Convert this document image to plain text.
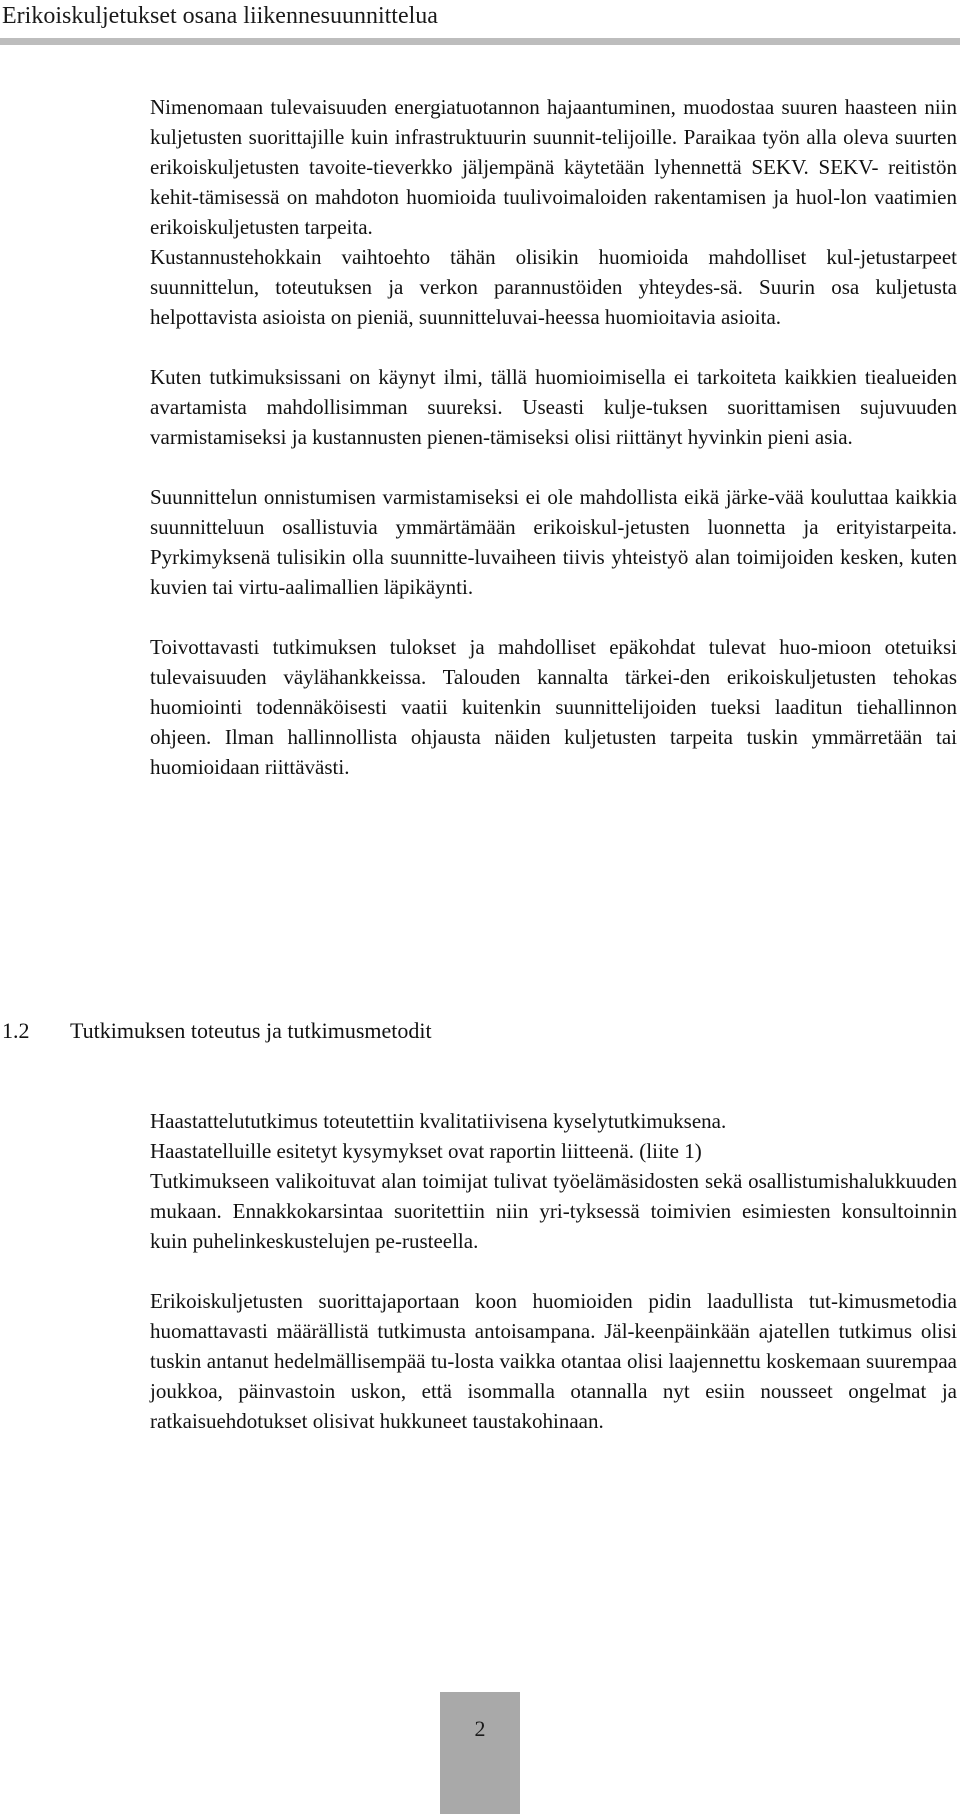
Erikoiskuljetukset osana liikennesuunnittelua

Nimenomaan tulevaisuuden energiatuotannon hajaantuminen, muodostaa suuren haasteen niin kuljetusten suorittajille kuin infrastruktuurin suunnit-telijoille. Paraikaa työn alla oleva suurten erikoiskuljetusten tavoite-tieverkko jäljempänä käytetään lyhennettä SEKV. SEKV- reitistön kehit-tämisessä on mahdoton huomioida tuulivoimaloiden rakentamisen ja huol-lon vaatimien erikoiskuljetusten tarpeita.

Kustannustehokkain vaihtoehto tähän olisikin huomioida mahdolliset kul-jetustarpeet suunnittelun, toteutuksen ja verkon parannustöiden yhteydes-sä. Suurin osa kuljetusta helpottavista asioista on pieniä, suunnitteluvai-heessa huomioitavia asioita.

Kuten tutkimuksissani on käynyt ilmi, tällä huomioimisella ei tarkoiteta kaikkien tiealueiden avartamista mahdollisimman suureksi. Useasti kulje-tuksen suorittamisen sujuvuuden varmistamiseksi ja kustannusten pienen-tämiseksi olisi riittänyt hyvinkin pieni asia.

Suunnittelun onnistumisen varmistamiseksi ei ole mahdollista eikä järke-vää kouluttaa kaikkia suunnitteluun osallistuvia ymmärtämään erikoiskul-jetusten luonnetta ja erityistarpeita. Pyrkimyksenä tulisikin olla suunnitte-luvaiheen tiivis yhteistyö alan toimijoiden kesken, kuten kuvien tai virtu-aalimallien läpikäynti.

Toivottavasti tutkimuksen tulokset ja mahdolliset epäkohdat tulevat huo-mioon otetuiksi tulevaisuuden väylähankkeissa. Talouden kannalta tärkei-den erikoiskuljetusten tehokas huomiointi todennäköisesti vaatii kuitenkin suunnittelijoiden tueksi laaditun tiehallinnon ohjeen. Ilman hallinnollista ohjausta näiden kuljetusten tarpeita tuskin ymmärretään tai huomioidaan riittävästi.

1.2 Tutkimuksen toteutus ja tutkimusmetodit

Haastattelututkimus toteutettiin kvalitatiivisena kyselytutkimuksena.

Haastatelluille esitetyt kysymykset ovat raportin liitteenä. (liite 1)

Tutkimukseen valikoituvat alan toimijat tulivat työelämäsidosten sekä osallistumishalukkuuden mukaan. Ennakkokarsintaa suoritettiin niin yri-tyksessä toimivien esimiesten konsultoinnin kuin puhelinkeskustelujen pe-rusteella.

Erikoiskuljetusten suorittajaportaan koon huomioiden pidin laadullista tut-kimusmetodia huomattavasti määrällistä tutkimusta antoisampana. Jäl-keenpäinkään ajatellen tutkimus olisi tuskin antanut hedelmällisempää tu-losta vaikka otantaa olisi laajennettu koskemaan suurempaa joukkoa, päinvastoin uskon, että isommalla otannalla nyt esiin nousseet ongelmat ja ratkaisuehdotukset olisivat hukkuneet taustakohinaan.

2
